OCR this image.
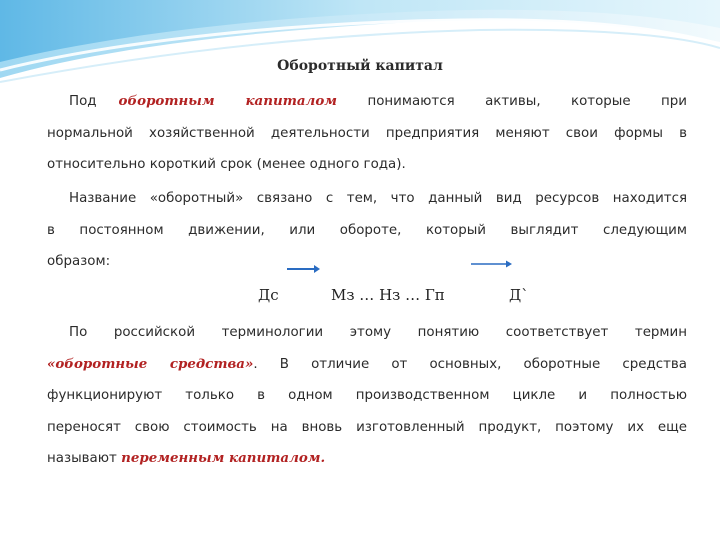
Оборотный капитал
Под оборотным капиталом понимаются активы, которые при
нормальной хозяйственной деятельности предприятия меняют свои формы в
относительно короткий срок (менее одного года).
Название «оборотный» связано с тем, что данный вид ресурсов находится
в постоянном движении, или обороте, который выглядит следующим
образом:
Дс	Мз … Нз … Гп	Д`
По российской терминологии этому понятию соответствует термин
«оборотные средства». В отличие от основных, оборотные средства
функционируют только в одном производственном цикле и полностью
переносят свою стоимость на вновь изготовленный продукт, поэтому их еще
называют переменным капиталом.
